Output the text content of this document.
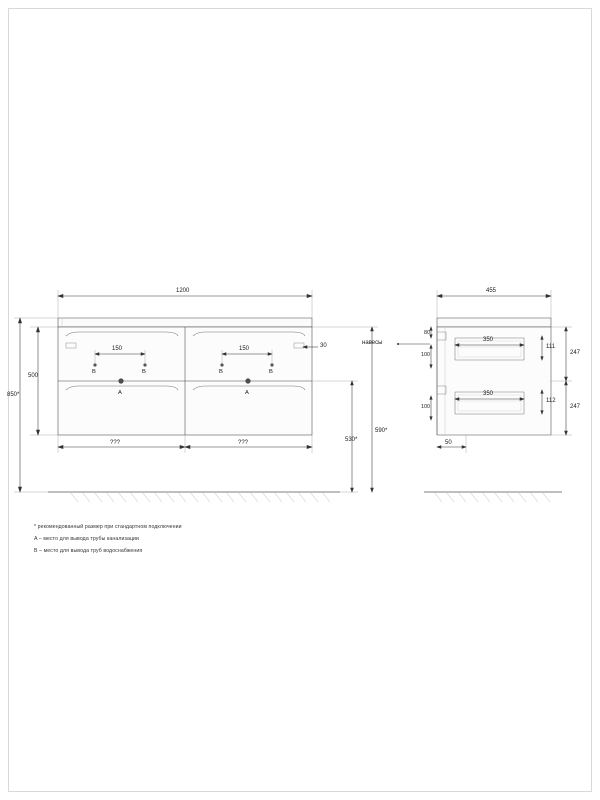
1200
500
850*
30
???	???
150	150
B	B	B	B
A	A
530*
590*
навесы
455
350
350
80
100
100
50
111
112
247
247
* рекомендованный размер при стандартном подключении
A – место для вывода трубы канализации
B – место для вывода труб водоснабжения
